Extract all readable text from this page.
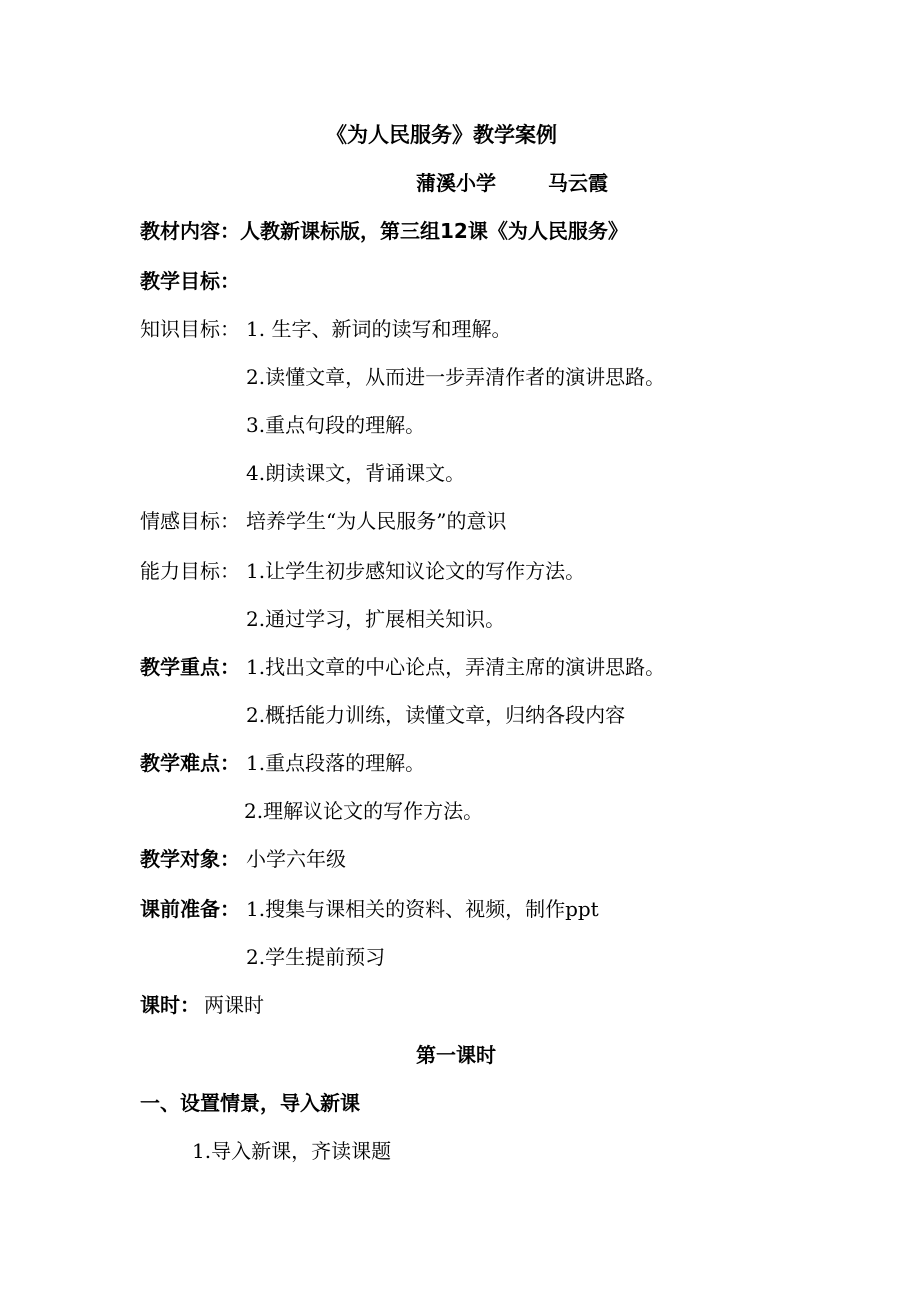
《为人民服务》教学案例
蒲溪小学	马云霞
教材内容： 人教新课标版，第三组12课《为人民服务》
教学目标：
知识目标： 1. 生字、新词的读写和理解。
2.读懂文章，从而进一步弄清作者的演讲思路。
3.重点句段的理解。
4.朗读课文，背诵课文。
情感目标： 培养学生“为人民服务”的意识
能力目标： 1.让学生初步感知议论文的写作方法。
2.通过学习，扩展相关知识。
教学重点： 1.找出文章的中心论点，弄清主席的演讲思路。
2.概括能力训练，读懂文章，归纳各段内容
教学难点： 1.重点段落的理解。
2.理解议论文的写作方法。
教学对象： 小学六年级
课前准备： 1.搜集与课相关的资料、视频，制作ppt
2.学生提前预习
课时： 两课时
第一课时
一、设置情景，导入新课
1.导入新课，齐读课题
